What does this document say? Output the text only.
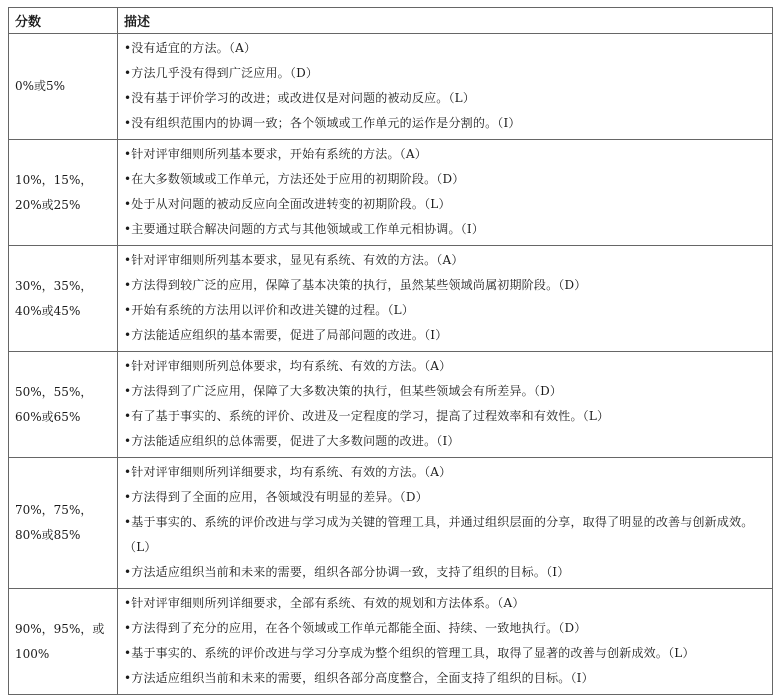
分数	描述
0%或5%	•没有适宜的方法。（A）
•方法几乎没有得到广泛应用。（D）
•没有基于评价学习的改进；或改进仅是对问题的被动反应。（L）
•没有组织范围内的协调一致；各个领域或工作单元的运作是分割的。（I）

10%，15%，20%或25%	•针对评审细则所列基本要求，开始有系统的方法。（A）
•在大多数领域或工作单元，方法还处于应用的初期阶段。（D）
•处于从对问题的被动反应向全面改进转变的初期阶段。（L）
•主要通过联合解决问题的方式与其他领域或工作单元相协调。（I）

30%，35%，40%或45%	•针对评审细则所列基本要求，显见有系统、有效的方法。（A）
•方法得到较广泛的应用，保障了基本决策的执行，虽然某些领域尚属初期阶段。（D）
•开始有系统的方法用以评价和改进关键的过程。（L）
•方法能适应组织的基本需要，促进了局部问题的改进。（I）

50%，55%，60%或65%	•针对评审细则所列总体要求，均有系统、有效的方法。（A）
•方法得到了广泛应用，保障了大多数决策的执行，但某些领域会有所差异。（D）
•有了基于事实的、系统的评价、改进及一定程度的学习，提高了过程效率和有效性。（L）
•方法能适应组织的总体需要，促进了大多数问题的改进。（I）

70%，75%，80%或85%	•针对评审细则所列详细要求，均有系统、有效的方法。（A）
•方法得到了全面的应用，各领域没有明显的差异。（D）
•基于事实的、系统的评价改进与学习成为关键的管理工具，并通过组织层面的分享，取得了明显的改善与创新成效。（L）
•方法适应组织当前和未来的需要，组织各部分协调一致，支持了组织的目标。（I）

90%，95%，或100%	•针对评审细则所列详细要求，全部有系统、有效的规划和方法体系。（A）
•方法得到了充分的应用，在各个领域或工作单元都能全面、持续、一致地执行。（D）
•基于事实的、系统的评价改进与学习分享成为整个组织的管理工具，取得了显著的改善与创新成效。（L）
•方法适应组织当前和未来的需要，组织各部分高度整合，全面支持了组织的目标。（I）
